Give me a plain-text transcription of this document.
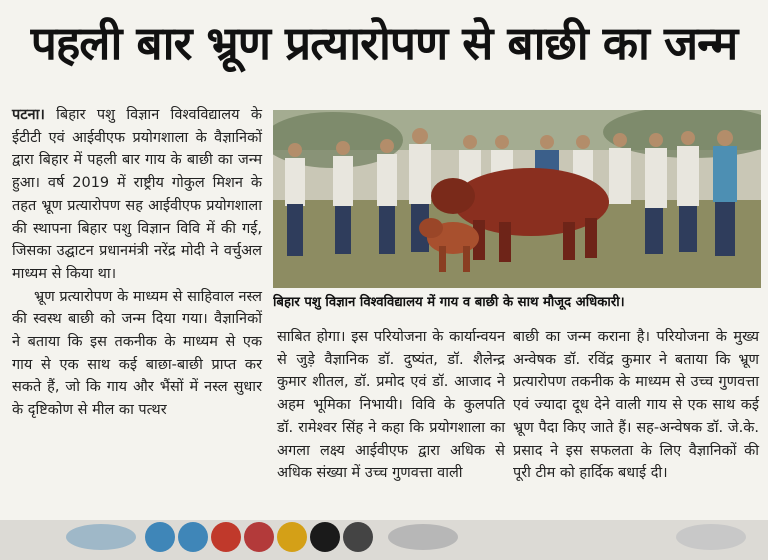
पहली बार भ्रूण प्रत्यारोपण से बाछी का जन्म

पटना। बिहार पशु विज्ञान विश्वविद्यालय के ईटीटी एवं आईवीएफ प्रयोगशाला के वैज्ञानिकों द्वारा बिहार में पहली बार गाय के बाछी का जन्म हुआ। वर्ष 2019 में राष्ट्रीय गोकुल मिशन के तहत भ्रूण प्रत्यारोपण सह आईवीएफ प्रयोगशाला की स्थापना बिहार पशु विज्ञान विवि में की गई, जिसका उद्घाटन प्रधानमंत्री नरेंद्र मोदी ने वर्चुअल माध्यम से किया था।

भ्रूण प्रत्यारोपण के माध्यम से साहिवाल नस्ल की स्वस्थ बाछी को जन्म दिया गया। वैज्ञानिकों ने बताया कि इस तकनीक के माध्यम से एक गाय से एक साथ कई बाछा-बाछी प्राप्त कर सकते हैं, जो कि गाय और भैंसों में नस्ल सुधार के दृष्टिकोण से मील का पत्थर

बिहार पशु विज्ञान विश्वविद्यालय में गाय व बाछी के साथ मौजूद अधिकारी।

साबित होगा। इस परियोजना के कार्यान्वयन से जुड़े वैज्ञानिक डॉ. दुष्यंत, डॉ. शैलेन्द्र कुमार शीतल, डॉ. प्रमोद एवं डॉ. आजाद ने अहम भूमिका निभायी। विवि के कुलपति डॉ. रामेश्वर सिंह ने कहा कि प्रयोगशाला का अगला लक्ष्य आईवीएफ द्वारा अधिक से अधिक संख्या में उच्च गुणवत्ता वाली

बाछी का जन्म कराना है। परियोजना के मुख्य अन्वेषक डॉ. रविंद्र कुमार ने बताया कि भ्रूण प्रत्यारोपण तकनीक के माध्यम से उच्च गुणवत्ता एवं ज्यादा दूध देने वाली गाय से एक साथ कई भ्रूण पैदा किए जाते हैं। सह-अन्वेषक डॉ. जे.के. प्रसाद ने इस सफलता के लिए वैज्ञानिकों की पूरी टीम को हार्दिक बधाई दी।
